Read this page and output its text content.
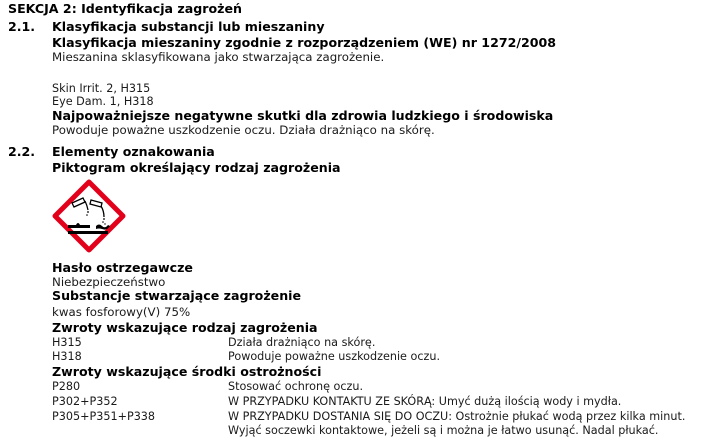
SEKCJA 2: Identyfikacja zagrożeń
2.1. Klasyfikacja substancji lub mieszaniny
Klasyfikacja mieszaniny zgodnie z rozporządzeniem (WE) nr 1272/2008
Mieszanina sklasyfikowana jako stwarzająca zagrożenie.
Skin Irrit. 2, H315
Eye Dam. 1, H318
Najpoważniejsze negatywne skutki dla zdrowia ludzkiego i środowiska
Powoduje poważne uszkodzenie oczu. Działa drażniąco na skórę.
2.2. Elementy oznakowania
Piktogram określający rodzaj zagrożenia
Hasło ostrzegawcze
Niebezpieczeństwo
Substancje stwarzające zagrożenie
kwas fosforowy(V) 75%
Zwroty wskazujące rodzaj zagrożenia
H315	Działa drażniąco na skórę.
H318	Powoduje poważne uszkodzenie oczu.
Zwroty wskazujące środki ostrożności
P280	Stosować ochronę oczu.
P302+P352	W PRZYPADKU KONTAKTU ZE SKÓRĄ: Umyć dużą ilością wody i mydła.
P305+P351+P338	W PRZYPADKU DOSTANIA SIĘ DO OCZU: Ostrożnie płukać wodą przez kilka minut.
Wyjąć soczewki kontaktowe, jeżeli są i można je łatwo usunąć. Nadal płukać.
